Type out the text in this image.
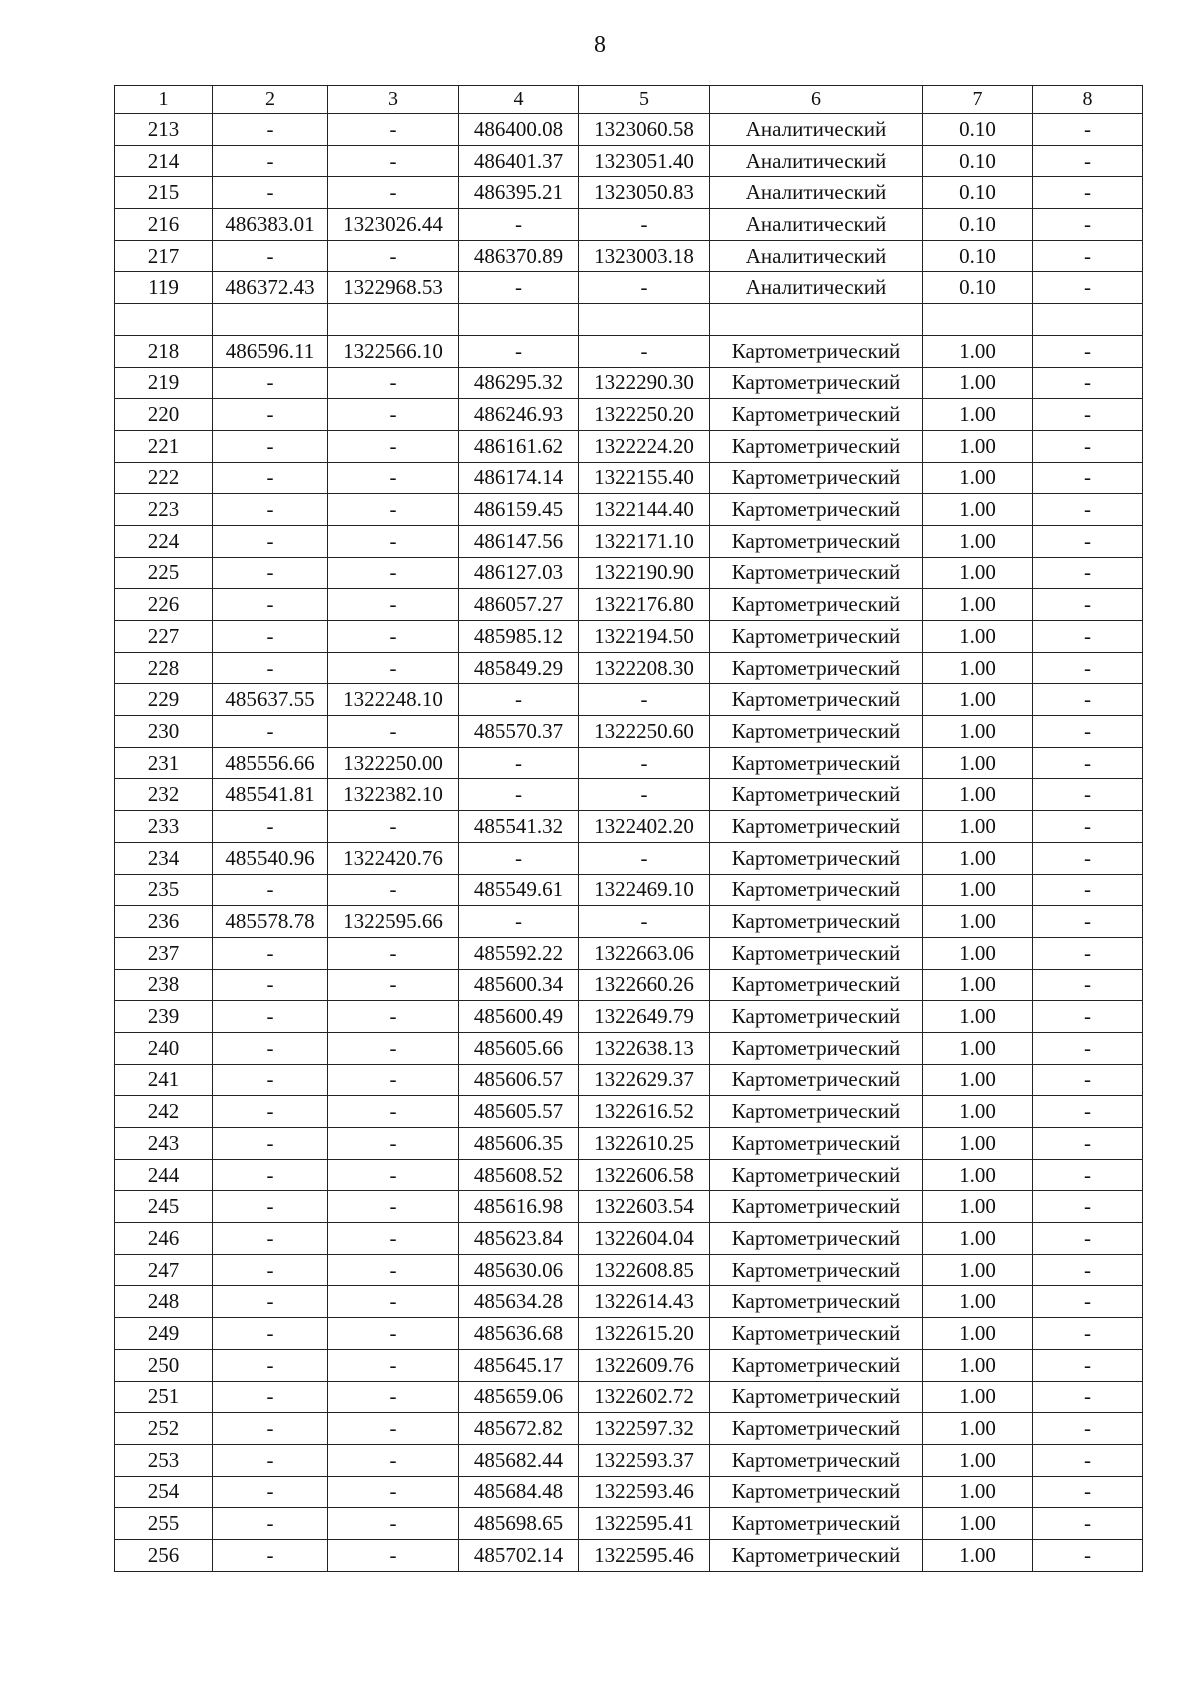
8
1	2	3	4	5	6	7	8
213	-	-	486400.08	1323060.58	Аналитический	0.10	-
214	-	-	486401.37	1323051.40	Аналитический	0.10	-
215	-	-	486395.21	1323050.83	Аналитический	0.10	-
216	486383.01	1323026.44	-	-	Аналитический	0.10	-
217	-	-	486370.89	1323003.18	Аналитический	0.10	-
119	486372.43	1322968.53	-	-	Аналитический	0.10	-

218	486596.11	1322566.10	-	-	Картометрический	1.00	-
219	-	-	486295.32	1322290.30	Картометрический	1.00	-
220	-	-	486246.93	1322250.20	Картометрический	1.00	-
221	-	-	486161.62	1322224.20	Картометрический	1.00	-
222	-	-	486174.14	1322155.40	Картометрический	1.00	-
223	-	-	486159.45	1322144.40	Картометрический	1.00	-
224	-	-	486147.56	1322171.10	Картометрический	1.00	-
225	-	-	486127.03	1322190.90	Картометрический	1.00	-
226	-	-	486057.27	1322176.80	Картометрический	1.00	-
227	-	-	485985.12	1322194.50	Картометрический	1.00	-
228	-	-	485849.29	1322208.30	Картометрический	1.00	-
229	485637.55	1322248.10	-	-	Картометрический	1.00	-
230	-	-	485570.37	1322250.60	Картометрический	1.00	-
231	485556.66	1322250.00	-	-	Картометрический	1.00	-
232	485541.81	1322382.10	-	-	Картометрический	1.00	-
233	-	-	485541.32	1322402.20	Картометрический	1.00	-
234	485540.96	1322420.76	-	-	Картометрический	1.00	-
235	-	-	485549.61	1322469.10	Картометрический	1.00	-
236	485578.78	1322595.66	-	-	Картометрический	1.00	-
237	-	-	485592.22	1322663.06	Картометрический	1.00	-
238	-	-	485600.34	1322660.26	Картометрический	1.00	-
239	-	-	485600.49	1322649.79	Картометрический	1.00	-
240	-	-	485605.66	1322638.13	Картометрический	1.00	-
241	-	-	485606.57	1322629.37	Картометрический	1.00	-
242	-	-	485605.57	1322616.52	Картометрический	1.00	-
243	-	-	485606.35	1322610.25	Картометрический	1.00	-
244	-	-	485608.52	1322606.58	Картометрический	1.00	-
245	-	-	485616.98	1322603.54	Картометрический	1.00	-
246	-	-	485623.84	1322604.04	Картометрический	1.00	-
247	-	-	485630.06	1322608.85	Картометрический	1.00	-
248	-	-	485634.28	1322614.43	Картометрический	1.00	-
249	-	-	485636.68	1322615.20	Картометрический	1.00	-
250	-	-	485645.17	1322609.76	Картометрический	1.00	-
251	-	-	485659.06	1322602.72	Картометрический	1.00	-
252	-	-	485672.82	1322597.32	Картометрический	1.00	-
253	-	-	485682.44	1322593.37	Картометрический	1.00	-
254	-	-	485684.48	1322593.46	Картометрический	1.00	-
255	-	-	485698.65	1322595.41	Картометрический	1.00	-
256	-	-	485702.14	1322595.46	Картометрический	1.00	-
